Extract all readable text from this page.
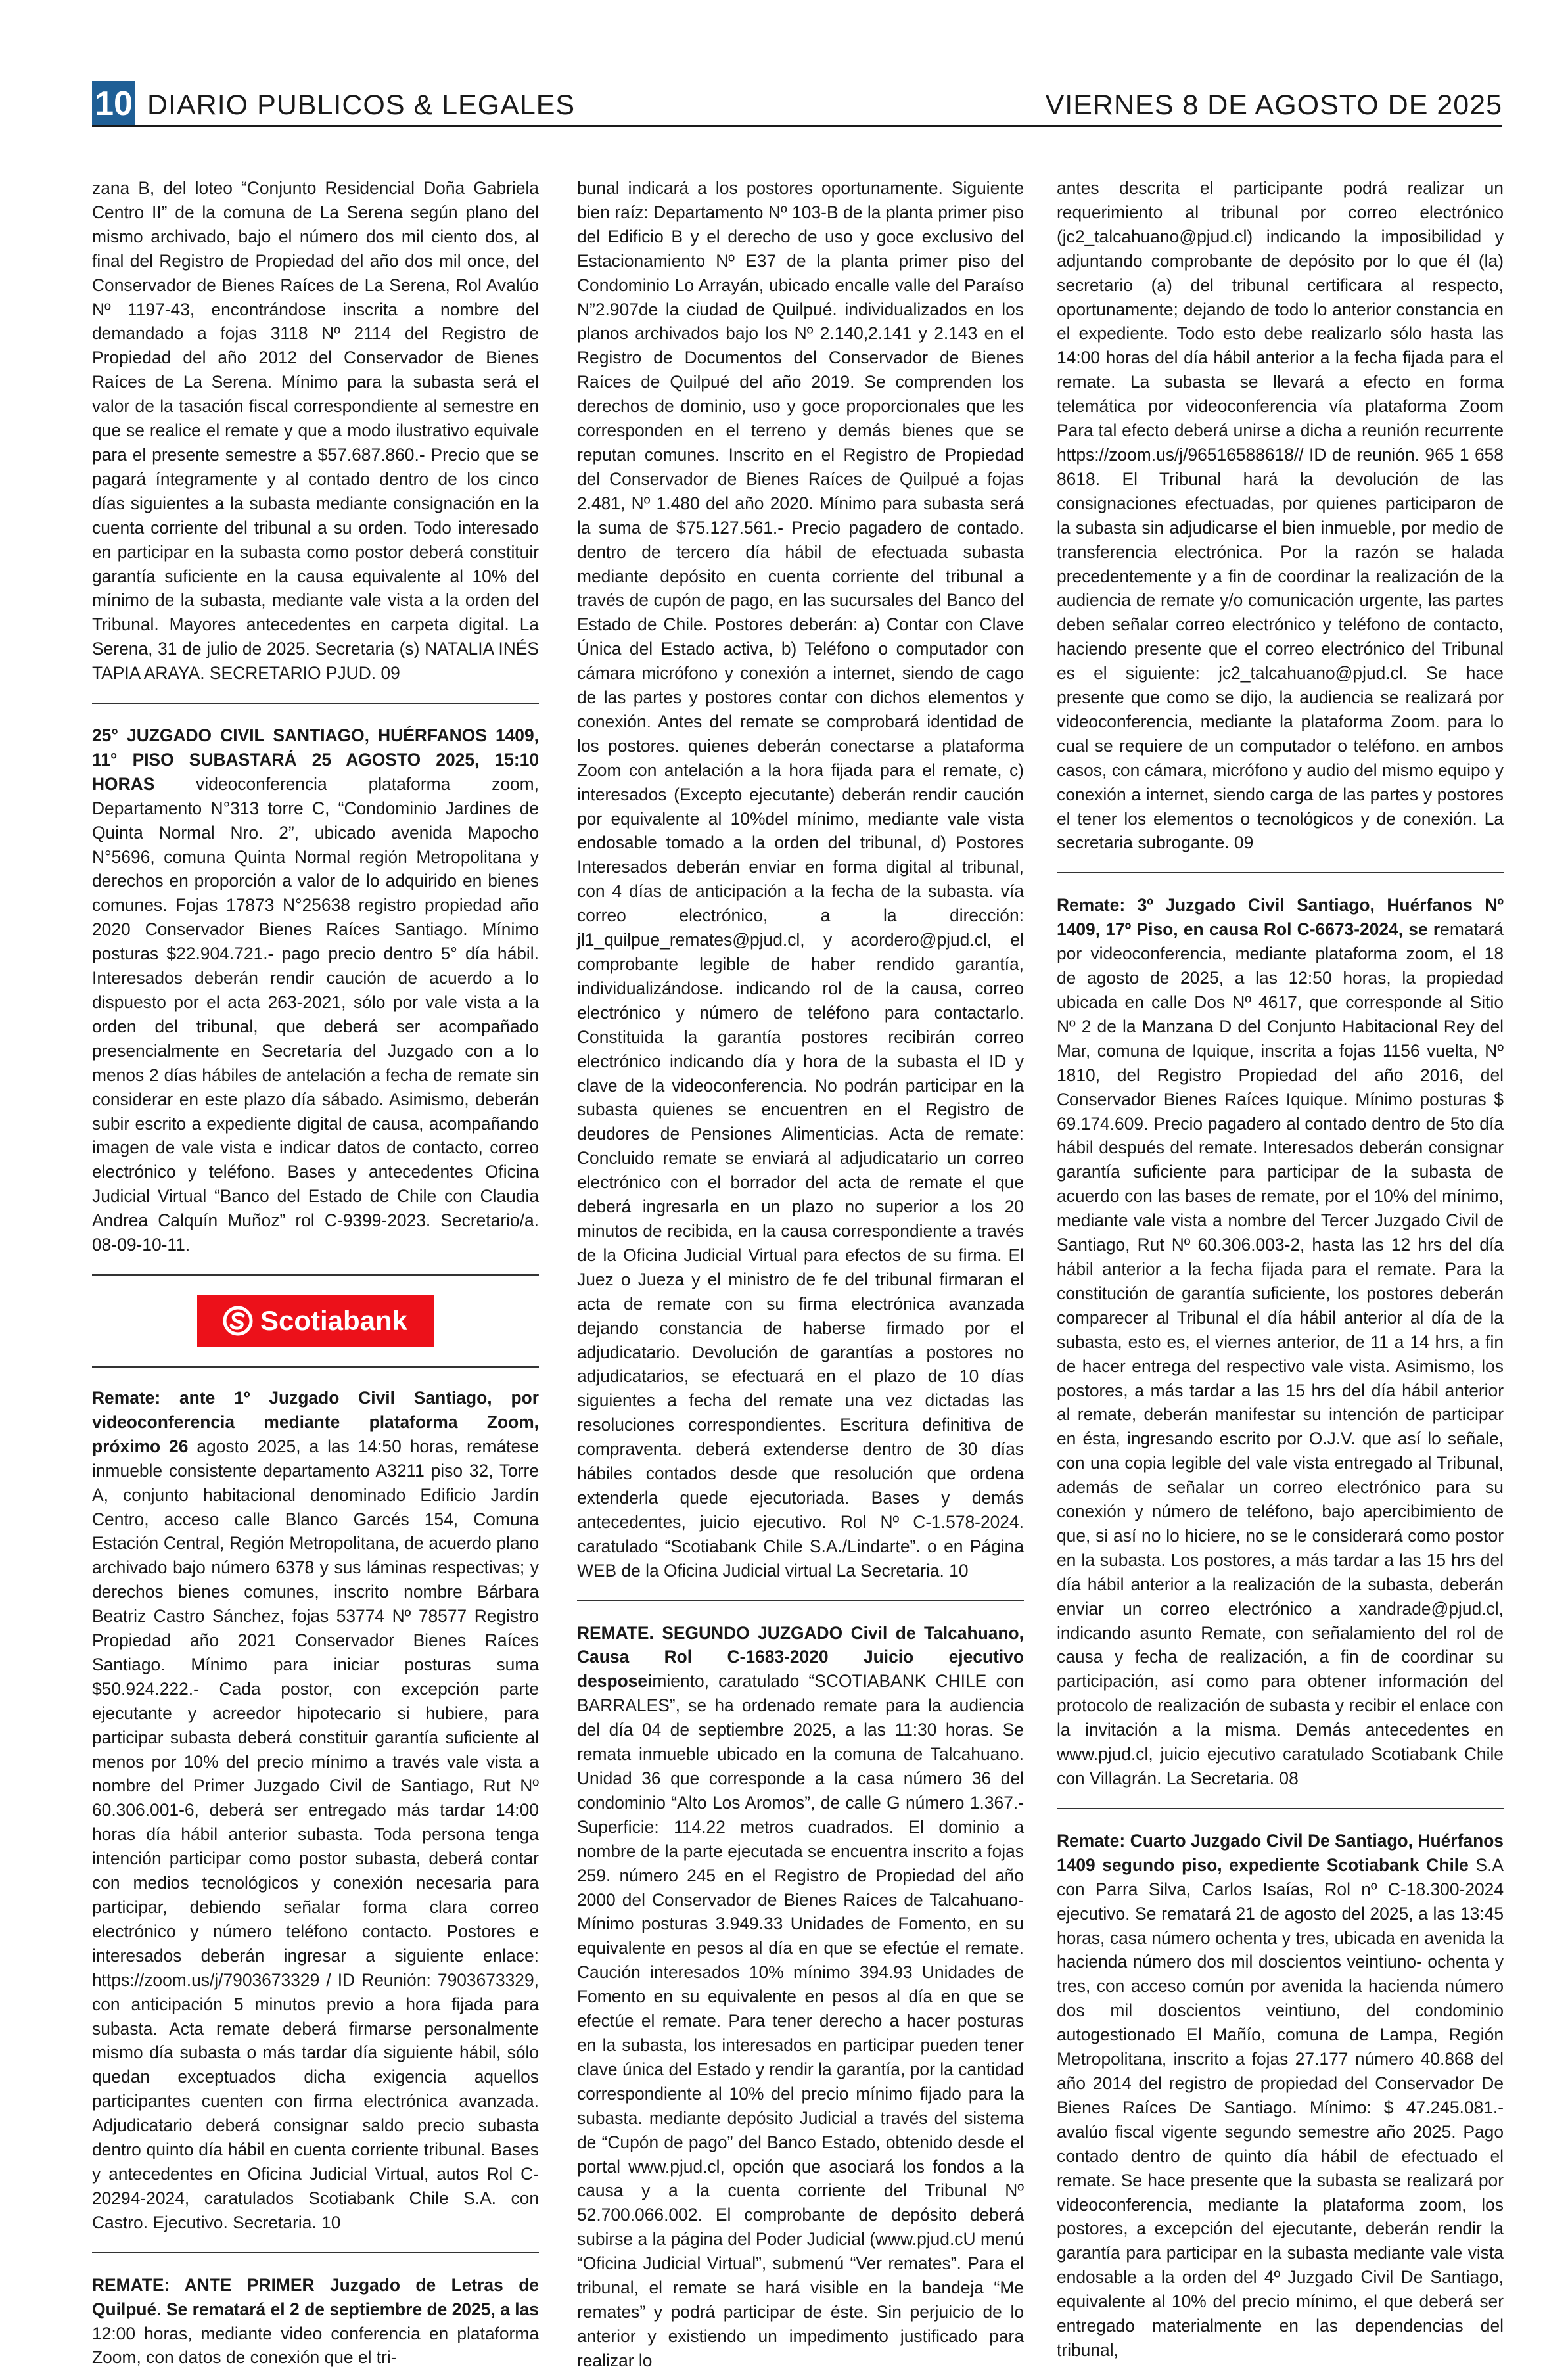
10 DIARIO PUBLICOS & LEGALES	VIERNES 8 DE AGOSTO DE 2025

zana B, del loteo “Conjunto Residencial Doña Gabriela Centro II” de la comuna de La Serena según plano del mismo archivado, bajo el número dos mil ciento dos, al final del Registro de Propiedad del año dos mil once, del Conservador de Bienes Raíces de La Serena, Rol Avalúo Nº 1197-43, encontrándose inscrita a nombre del demandado a fojas 3118 Nº 2114 del Registro de Propiedad del año 2012 del Conservador de Bienes Raíces de La Serena. Mínimo para la subasta será el valor de la tasación fiscal correspondiente al semestre en que se realice el remate y que a modo ilustrativo equivale para el presente semestre a $57.687.860.- Precio que se pagará íntegramente y al contado dentro de los cinco días siguientes a la subasta mediante consignación en la cuenta corriente del tribunal a su orden. Todo interesado en participar en la subasta como postor deberá constituir garantía suficiente en la causa equivalente al 10% del mínimo de la subasta, mediante vale vista a la orden del Tribunal. Mayores antecedentes en carpeta digital. La Serena, 31 de julio de 2025. Secretaria (s) NATALIA INÉS TAPIA ARAYA. SECRETARIO PJUD. 09

25° JUZGADO CIVIL SANTIAGO, HUÉRFANOS 1409, 11° PISO SUBASTARÁ 25 AGOSTO 2025, 15:10 HORAS videoconferencia plataforma zoom, Departamento N°313 torre C, “Condominio Jardines de Quinta Normal Nro. 2”, ubicado avenida Mapocho N°5696, comuna Quinta Normal región Metropolitana y derechos en proporción a valor de lo adquirido en bienes comunes. Fojas 17873 N°25638 registro propiedad año 2020 Conservador Bienes Raíces Santiago. Mínimo posturas $22.904.721.- pago precio dentro 5° día hábil. Interesados deberán rendir caución de acuerdo a lo dispuesto por el acta 263-2021, sólo por vale vista a la orden del tribunal, que deberá ser acompañado presencialmente en Secretaría del Juzgado con a lo menos 2 días hábiles de antelación a fecha de remate sin considerar en este plazo día sábado. Asimismo, deberán subir escrito a expediente digital de causa, acompañando imagen de vale vista e indicar datos de contacto, correo electrónico y teléfono. Bases y antecedentes Oficina Judicial Virtual “Banco del Estado de Chile con Claudia Andrea Calquín Muñoz” rol C-9399-2023. Secretario/a. 08-09-10-11.

Scotiabank

Remate: ante 1º Juzgado Civil Santiago, por videoconferencia mediante plataforma Zoom, próximo 26 agosto 2025, a las 14:50 horas, remátese inmueble consistente departamento A3211 piso 32, Torre A, conjunto habitacional denominado Edificio Jardín Centro, acceso calle Blanco Garcés 154, Comuna Estación Central, Región Metropolitana, de acuerdo plano archivado bajo número 6378 y sus láminas respectivas; y derechos bienes comunes, inscrito nombre Bárbara Beatriz Castro Sánchez, fojas 53774 Nº 78577 Registro Propiedad año 2021 Conservador Bienes Raíces Santiago. Mínimo para iniciar posturas suma $50.924.222.- Cada postor, con excepción parte ejecutante y acreedor hipotecario si hubiere, para participar subasta deberá constituir garantía suficiente al menos por 10% del precio mínimo a través vale vista a nombre del Primer Juzgado Civil de Santiago, Rut Nº 60.306.001-6, deberá ser entregado más tardar 14:00 horas día hábil anterior subasta. Toda persona tenga intención participar como postor subasta, deberá contar con medios tecnológicos y conexión necesaria para participar, debiendo señalar forma clara correo electrónico y número teléfono contacto. Postores e interesados deberán ingresar a siguiente enlace: https://zoom.us/j/7903673329 / ID Reunión: 7903673329, con anticipación 5 minutos previo a hora fijada para subasta. Acta remate deberá firmarse personalmente mismo día subasta o más tardar día siguiente hábil, sólo quedan exceptuados dicha exigencia aquellos participantes cuenten con firma electrónica avanzada. Adjudicatario deberá consignar saldo precio subasta dentro quinto día hábil en cuenta corriente tribunal. Bases y antecedentes en Oficina Judicial Virtual, autos Rol C-20294-2024, caratulados Scotiabank Chile S.A. con Castro. Ejecutivo. Secretaria. 10

REMATE: ANTE PRIMER Juzgado de Letras de Quilpué. Se rematará el 2 de septiembre de 2025, a las 12:00 horas, mediante video conferencia en plataforma Zoom, con datos de conexión que el tri-

bunal indicará a los postores oportunamente. Siguiente bien raíz: Departamento Nº 103-B de la planta primer piso del Edificio B y el derecho de uso y goce exclusivo del Estacionamiento Nº E37 de la planta primer piso del Condominio Lo Arrayán, ubicado encalle valle del Paraíso N”2.907de la ciudad de Quilpué. individualizados en los planos archivados bajo los Nº 2.140,2.141 y 2.143 en el Registro de Documentos del Conservador de Bienes Raíces de Quilpué del año 2019. Se comprenden los derechos de dominio, uso y goce proporcionales que les corresponden en el terreno y demás bienes que se reputan comunes. Inscrito en el Registro de Propiedad del Conservador de Bienes Raíces de Quilpué a fojas 2.481, Nº 1.480 del año 2020. Mínimo para subasta será la suma de $75.127.561.- Precio pagadero de contado. dentro de tercero día hábil de efectuada subasta mediante depósito en cuenta corriente del tribunal a través de cupón de pago, en las sucursales del Banco del Estado de Chile. Postores deberán: a) Contar con Clave Única del Estado activa, b) Teléfono o computador con cámara micrófono y conexión a internet, siendo de cago de las partes y postores contar con dichos elementos y conexión. Antes del remate se comprobará identidad de los postores. quienes deberán conectarse a plataforma Zoom con antelación a la hora fijada para el remate, c) interesados (Excepto ejecutante) deberán rendir caución por equivalente al 10%del mínimo, mediante vale vista endosable tomado a la orden del tribunal, d) Postores Interesados deberán enviar en forma digital al tribunal, con 4 días de anticipación a la fecha de la subasta. vía correo electrónico, a la dirección: jl1_quilpue_remates@pjud.cl, y acordero@pjud.cl, el comprobante legible de haber rendido garantía, individualizándose. indicando rol de la causa, correo electrónico y número de teléfono para contactarlo. Constituida la garantía postores recibirán correo electrónico indicando día y hora de la subasta el ID y clave de la videoconferencia. No podrán participar en la subasta quienes se encuentren en el Registro de deudores de Pensiones Alimenticias. Acta de remate: Concluido remate se enviará al adjudicatario un correo electrónico con el borrador del acta de remate el que deberá ingresarla en un plazo no superior a los 20 minutos de recibida, en la causa correspondiente a través de la Oficina Judicial Virtual para efectos de su firma. El Juez o Jueza y el ministro de fe del tribunal firmaran el acta de remate con su firma electrónica avanzada dejando constancia de haberse firmado por el adjudicatario. Devolución de garantías a postores no adjudicatarios, se efectuará en el plazo de 10 días siguientes a fecha del remate una vez dictadas las resoluciones correspondientes. Escritura definitiva de compraventa. deberá extenderse dentro de 30 días hábiles contados desde que resolución que ordena extenderla quede ejecutoriada. Bases y demás antecedentes, juicio ejecutivo. Rol Nº C-1.578-2024. caratulado “Scotiabank Chile S.A./Lindarte”. o en Página WEB de la Oficina Judicial virtual La Secretaria. 10

REMATE. SEGUNDO JUZGADO Civil de Talcahuano, Causa Rol C-1683-2020 Juicio ejecutivo desposeimiento, caratulado “SCOTIABANK CHILE con BARRALES”, se ha ordenado remate para la audiencia del día 04 de septiembre 2025, a las 11:30 horas. Se remata inmueble ubicado en la comuna de Talcahuano. Unidad 36 que corresponde a la casa número 36 del condominio “Alto Los Aromos”, de calle G número 1.367.- Superficie: 114.22 metros cuadrados. El dominio a nombre de la parte ejecutada se encuentra inscrito a fojas 259. número 245 en el Registro de Propiedad del año 2000 del Conservador de Bienes Raíces de Talcahuano- Mínimo posturas 3.949.33 Unidades de Fomento, en su equivalente en pesos al día en que se efectúe el remate. Caución interesados 10% mínimo 394.93 Unidades de Fomento en su equivalente en pesos al día en que se efectúe el remate. Para tener derecho a hacer posturas en la subasta, los interesados en participar pueden tener clave única del Estado y rendir la garantía, por la cantidad correspondiente al 10% del precio mínimo fijado para la subasta. mediante depósito Judicial a través del sistema de “Cupón de pago” del Banco Estado, obtenido desde el portal www.pjud.cl, opción que asociará los fondos a la causa y a la cuenta corriente del Tribunal Nº 52.700.066.002. El comprobante de depósito deberá subirse a la página del Poder Judicial (www.pjud.cU menú “Oficina Judicial Virtual”, submenú “Ver remates”. Para el tribunal, el remate se hará visible en la bandeja “Me remates” y podrá participar de éste. Sin perjuicio de lo anterior y existiendo un impedimento justificado para realizar lo

antes descrita el participante podrá realizar un requerimiento al tribunal por correo electrónico (jc2_talcahuano@pjud.cl) indicando la imposibilidad y adjuntando comprobante de depósito por lo que él (la) secretario (a) del tribunal certificara al respecto, oportunamente; dejando de todo lo anterior constancia en el expediente. Todo esto debe realizarlo sólo hasta las 14:00 horas del día hábil anterior a la fecha fijada para el remate. La subasta se llevará a efecto en forma telemática por videoconferencia vía plataforma Zoom Para tal efecto deberá unirse a dicha a reunión recurrente https://zoom.us/j/96516588618// ID de reunión. 965 1 658 8618. El Tribunal hará la devolución de las consignaciones efectuadas, por quienes participaron de la subasta sin adjudicarse el bien inmueble, por medio de transferencia electrónica. Por la razón se halada precedentemente y a fin de coordinar la realización de la audiencia de remate y/o comunicación urgente, las partes deben señalar correo electrónico y teléfono de contacto, haciendo presente que el correo electrónico del Tribunal es el siguiente: jc2_talcahuano@pjud.cl. Se hace presente que como se dijo, la audiencia se realizará por videoconferencia, mediante la plataforma Zoom. para lo cual se requiere de un computador o teléfono. en ambos casos, con cámara, micrófono y audio del mismo equipo y conexión a internet, siendo carga de las partes y postores el tener los elementos o tecnológicos y de conexión. La secretaria subrogante. 09

Remate: 3º Juzgado Civil Santiago, Huérfanos Nº 1409, 17º Piso, en causa Rol C-6673-2024, se rematará por videoconferencia, mediante plataforma zoom, el 18 de agosto de 2025, a las 12:50 horas, la propiedad ubicada en calle Dos Nº 4617, que corresponde al Sitio Nº 2 de la Manzana D del Conjunto Habitacional Rey del Mar, comuna de Iquique, inscrita a fojas 1156 vuelta, Nº 1810, del Registro Propiedad del año 2016, del Conservador Bienes Raíces Iquique. Mínimo posturas $ 69.174.609. Precio pagadero al contado dentro de 5to día hábil después del remate. Interesados deberán consignar garantía suficiente para participar de la subasta de acuerdo con las bases de remate, por el 10% del mínimo, mediante vale vista a nombre del Tercer Juzgado Civil de Santiago, Rut Nº 60.306.003-2, hasta las 12 hrs del día hábil anterior a la fecha fijada para el remate. Para la constitución de garantía suficiente, los postores deberán comparecer al Tribunal el día hábil anterior al día de la subasta, esto es, el viernes anterior, de 11 a 14 hrs, a fin de hacer entrega del respectivo vale vista. Asimismo, los postores, a más tardar a las 15 hrs del día hábil anterior al remate, deberán manifestar su intención de participar en ésta, ingresando escrito por O.J.V. que así lo señale, con una copia legible del vale vista entregado al Tribunal, además de señalar un correo electrónico para su conexión y número de teléfono, bajo apercibimiento de que, si así no lo hiciere, no se le considerará como postor en la subasta. Los postores, a más tardar a las 15 hrs del día hábil anterior a la realización de la subasta, deberán enviar un correo electrónico a xandrade@pjud.cl, indicando asunto Remate, con señalamiento del rol de causa y fecha de realización, a fin de coordinar su participación, así como para obtener información del protocolo de realización de subasta y recibir el enlace con la invitación a la misma. Demás antecedentes en www.pjud.cl, juicio ejecutivo caratulado Scotiabank Chile con Villagrán. La Secretaria. 08

Remate: Cuarto Juzgado Civil De Santiago, Huérfanos 1409 segundo piso, expediente Scotiabank Chile S.A con Parra Silva, Carlos Isaías, Rol nº C-18.300-2024 ejecutivo. Se rematará 21 de agosto del 2025, a las 13:45 horas, casa número ochenta y tres, ubicada en avenida la hacienda número dos mil doscientos veintiuno- ochenta y tres, con acceso común por avenida la hacienda número dos mil doscientos veintiuno, del condominio autogestionado El Mañío, comuna de Lampa, Región Metropolitana, inscrito a fojas 27.177 número 40.868 del año 2014 del registro de propiedad del Conservador De Bienes Raíces De Santiago. Mínimo: $ 47.245.081.- avalúo fiscal vigente segundo semestre año 2025. Pago contado dentro de quinto día hábil de efectuado el remate. Se hace presente que la subasta se realizará por videoconferencia, mediante la plataforma zoom, los postores, a excepción del ejecutante, deberán rendir la garantía para participar en la subasta mediante vale vista endosable a la orden del 4º Juzgado Civil De Santiago, equivalente al 10% del precio mínimo, el que deberá ser entregado materialmente en las dependencias del tribunal,
